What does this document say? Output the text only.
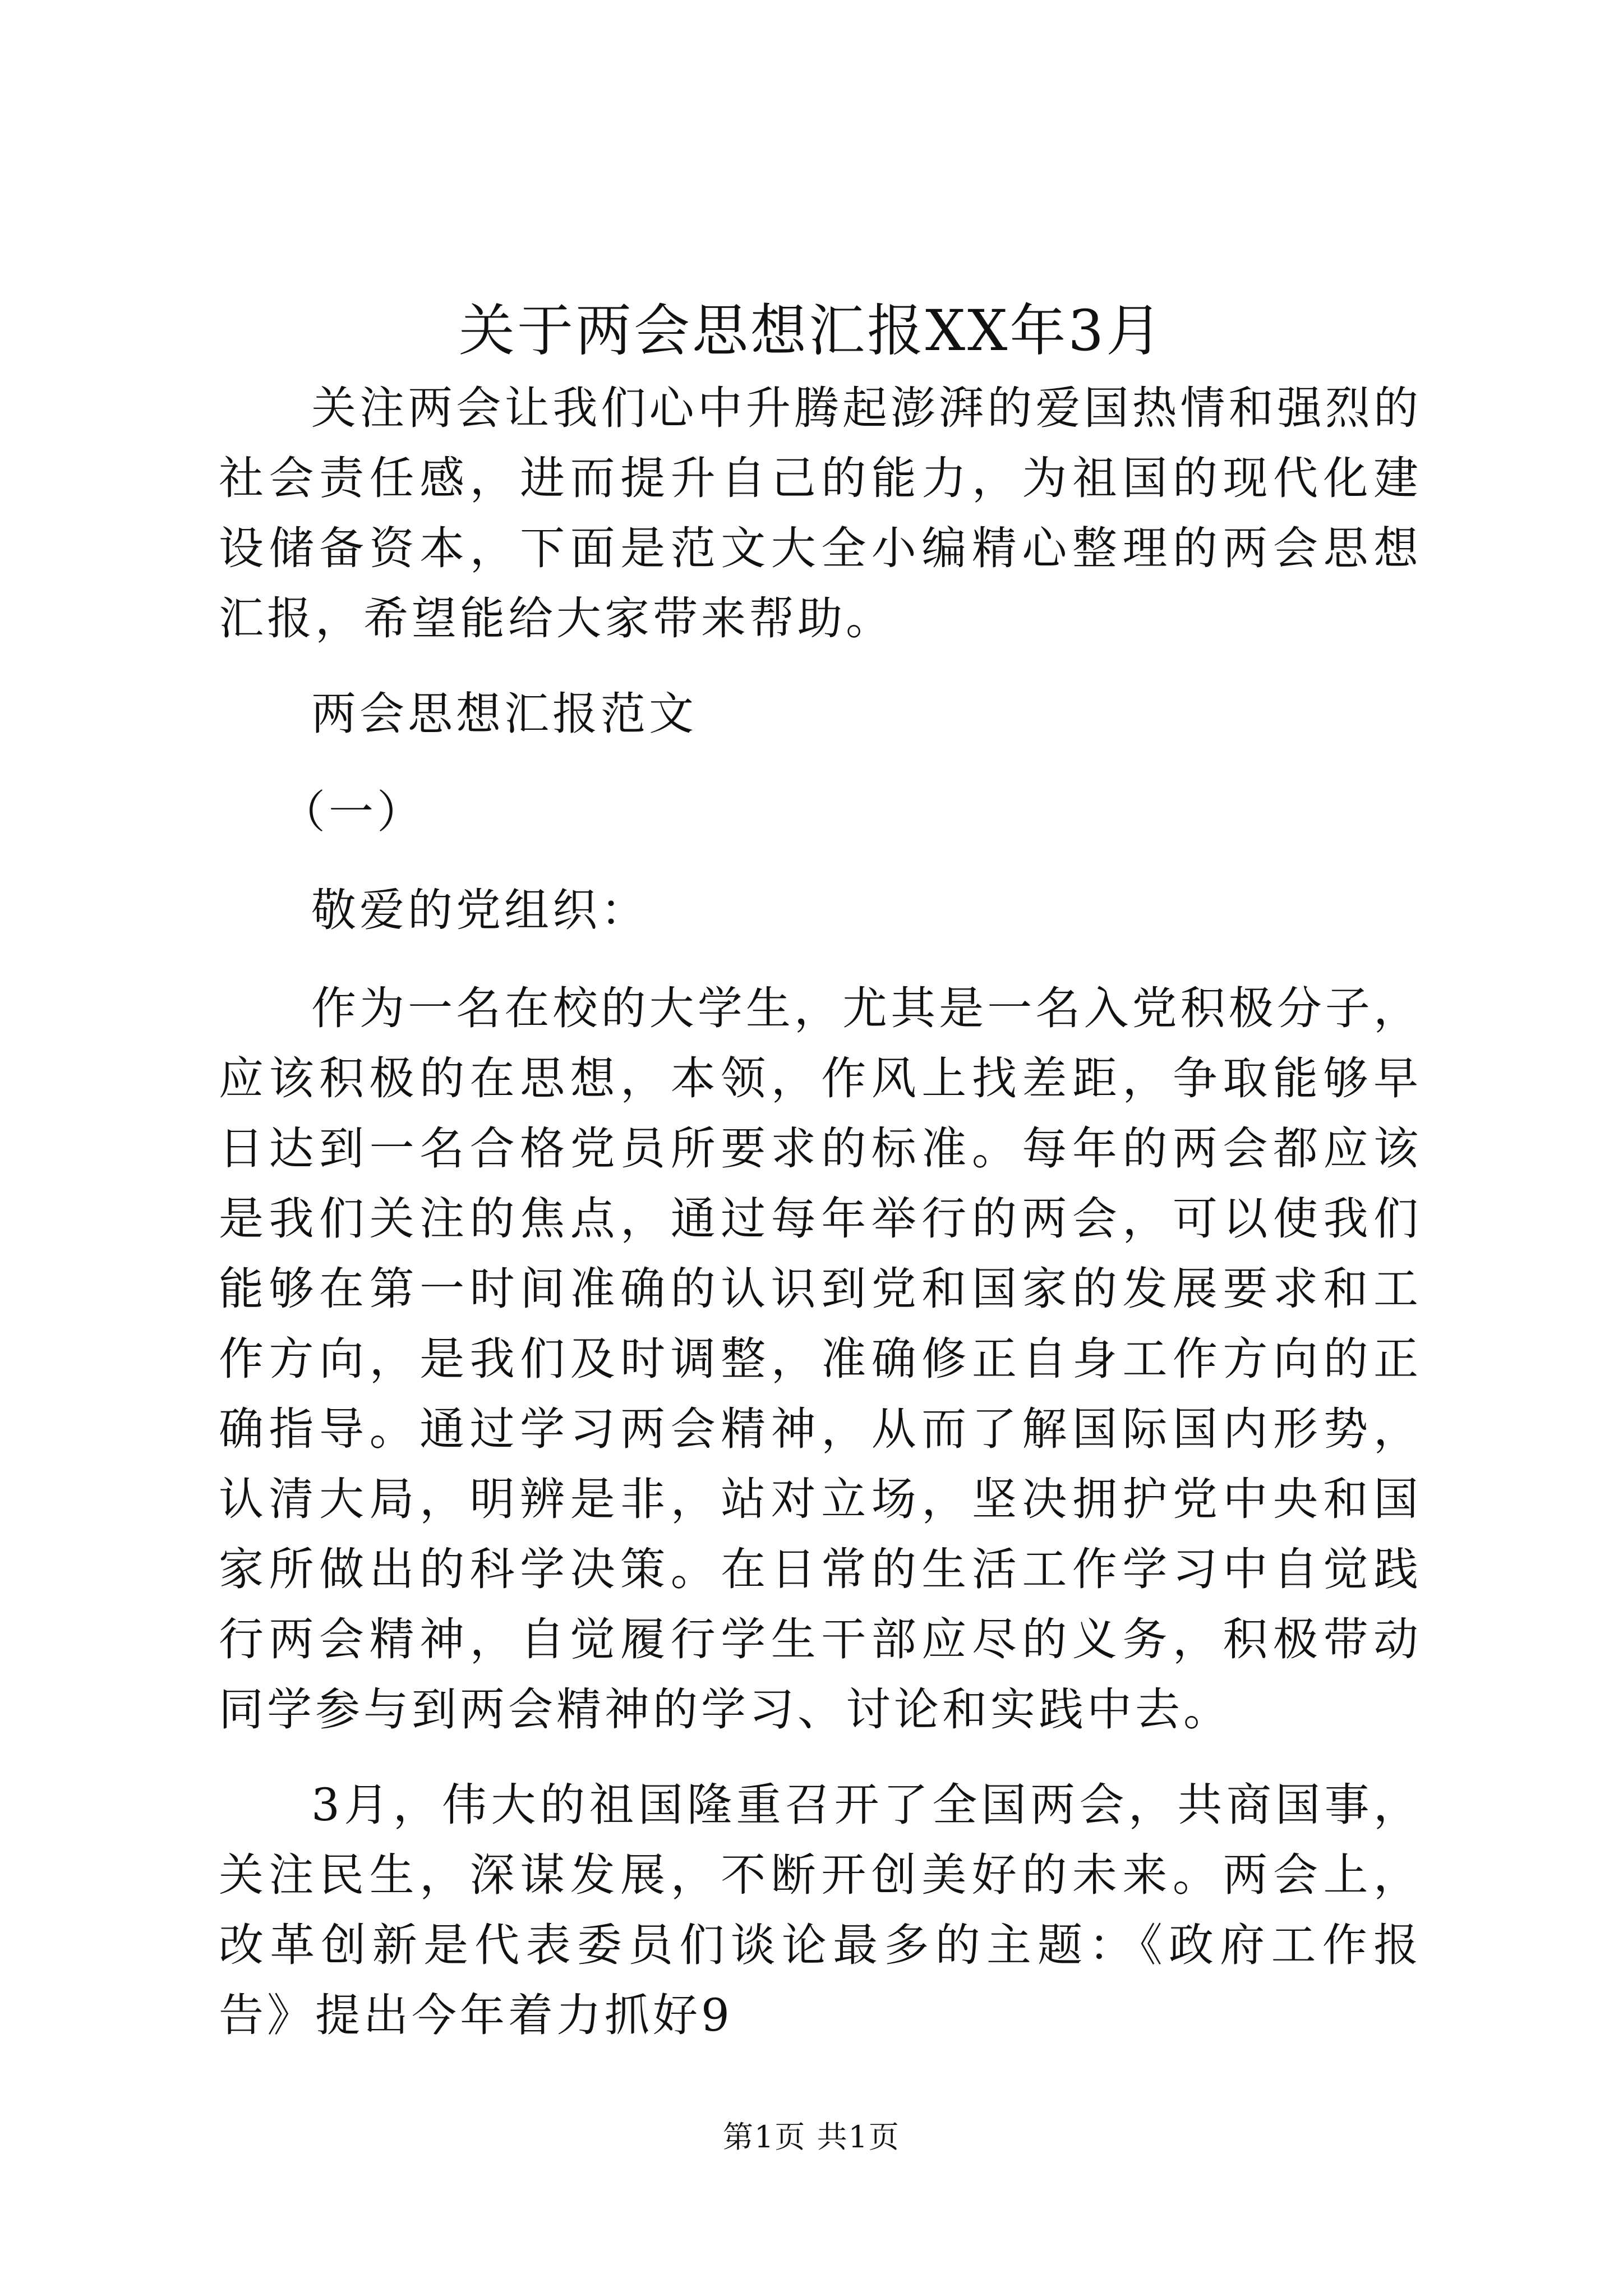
关于两会思想汇报XX年3月

关注两会让我们心中升腾起澎湃的爱国热情和强烈的社会责任感，进而提升自己的能力，为祖国的现代化建设储备资本，下面是范文大全小编精心整理的两会思想汇报，希望能给大家带来帮助。

两会思想汇报范文

（一）

敬爱的党组织：

作为一名在校的大学生，尤其是一名入党积极分子，应该积极的在思想，本领，作风上找差距，争取能够早日达到一名合格党员所要求的标准。每年的两会都应该是我们关注的焦点，通过每年举行的两会，可以使我们能够在第一时间准确的认识到党和国家的发展要求和工作方向，是我们及时调整，准确修正自身工作方向的正确指导。通过学习两会精神，从而了解国际国内形势，认清大局，明辨是非，站对立场，坚决拥护党中央和国家所做出的科学决策。在日常的生活工作学习中自觉践行两会精神，自觉履行学生干部应尽的义务，积极带动同学参与到两会精神的学习、讨论和实践中去。

3月，伟大的祖国隆重召开了全国两会，共商国事，关注民生，深谋发展，不断开创美好的未来。两会上，改革创新是代表委员们谈论最多的主题：《政府工作报告》提出今年着力抓好9

第1页 共1页
